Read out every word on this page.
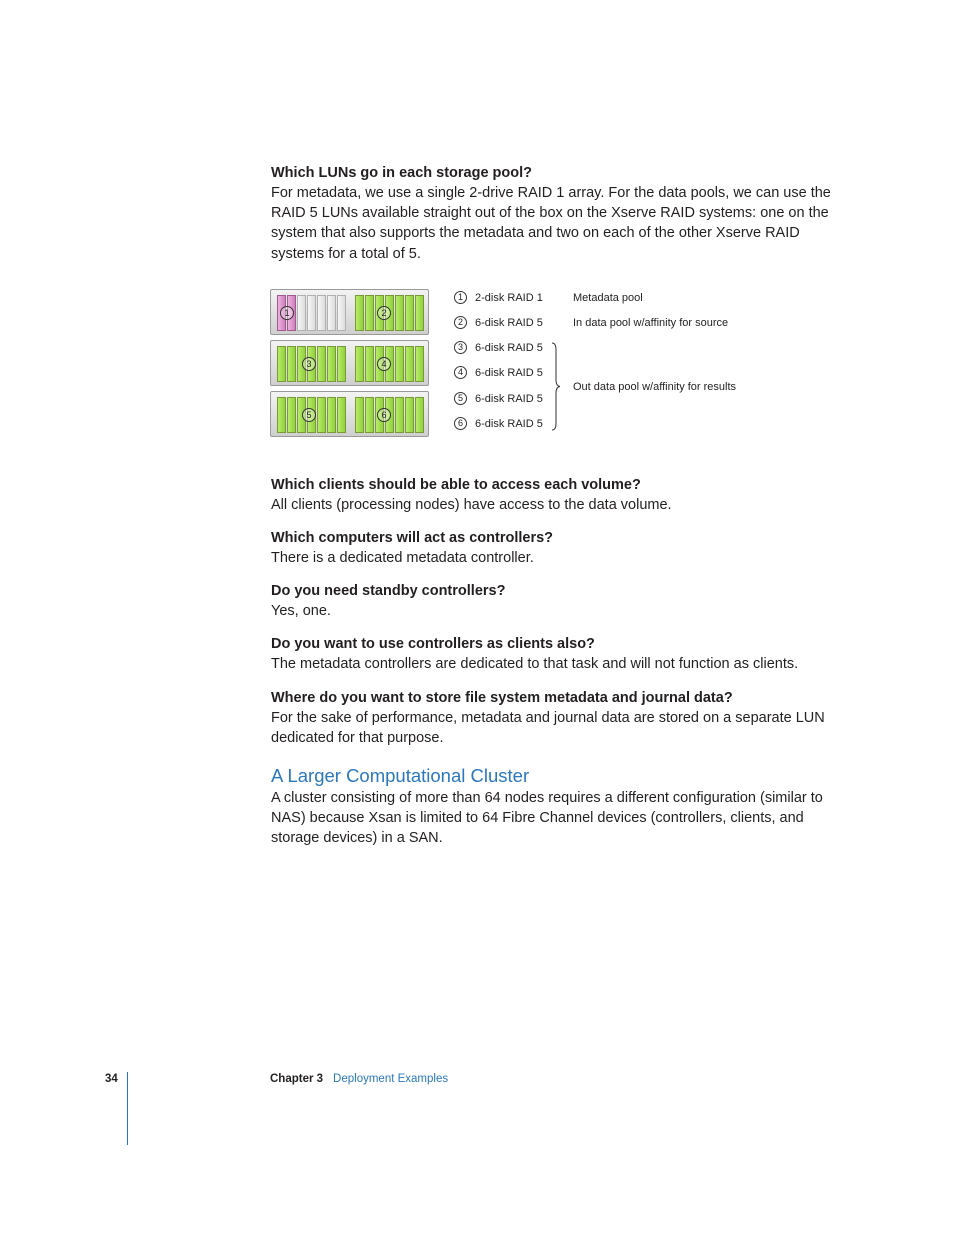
Which LUNs go in each storage pool?

For metadata, we use a single 2-drive RAID 1 array. For the data pools, we can use the

RAID 5 LUNs available straight out of the box on the Xserve RAID systems: one on the

system that also supports the metadata and two on each of the other Xserve RAID

systems for a total of 5.

1	2
3	4
5	6
1 2-disk RAID 1
2 6-disk RAID 5
3 6-disk RAID 5
4 6-disk RAID 5
5 6-disk RAID 5
6 6-disk RAID 5
Metadata pool
In data pool w/affinity for source
Out data pool w/affinity for results

Which clients should be able to access each volume?

All clients (processing nodes) have access to the data volume.

Which computers will act as controllers?

There is a dedicated metadata controller.

Do you need standby controllers?

Yes, one.

Do you want to use controllers as clients also?

The metadata controllers are dedicated to that task and will not function as clients.

Where do you want to store file system metadata and journal data?

For the sake of performance, metadata and journal data are stored on a separate LUN

dedicated for that purpose.

A Larger Computational Cluster

A cluster consisting of more than 64 nodes requires a different configuration (similar to

NAS) because Xsan is limited to 64 Fibre Channel devices (controllers, clients, and

storage devices) in a SAN.

34	Chapter 3 Deployment Examples
